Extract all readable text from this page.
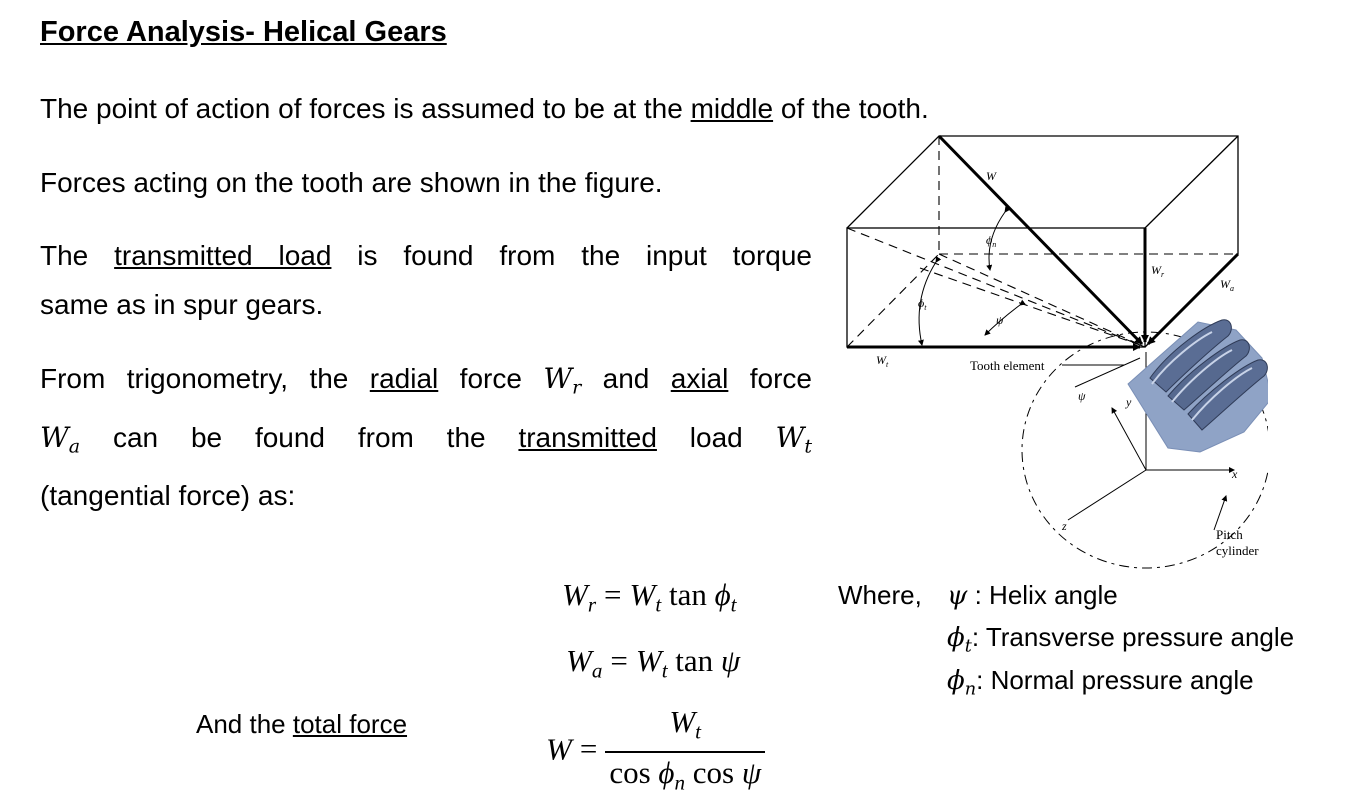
Force Analysis- Helical Gears
The point of action of forces is assumed to be at the middle of the tooth.
Forces acting on the tooth are shown in the figure.
The transmitted load is found from the input torque
same as in spur gears.
From trigonometry, the radial force $W_r$ and axial force
$W_a$ can be found from the transmitted load $W_t$
(tangential force) as:
$W_r = W_t$ $\tan \phi_t$
$W_a = W_t$ tan ψ
And the total force
$W = \frac{W_t}{\cos \phi_n \cos \psi}$
Where, ψ : Helix angle
$\phi_t$: Transverse pressure angle
$\phi_n$: Normal pressure angle
W
$W_r$
$W_a$
$W_t$
$\phi_n$
$\phi_t$
ψ
ψ	y
x
z
Tooth element
Pitch
cylinder
